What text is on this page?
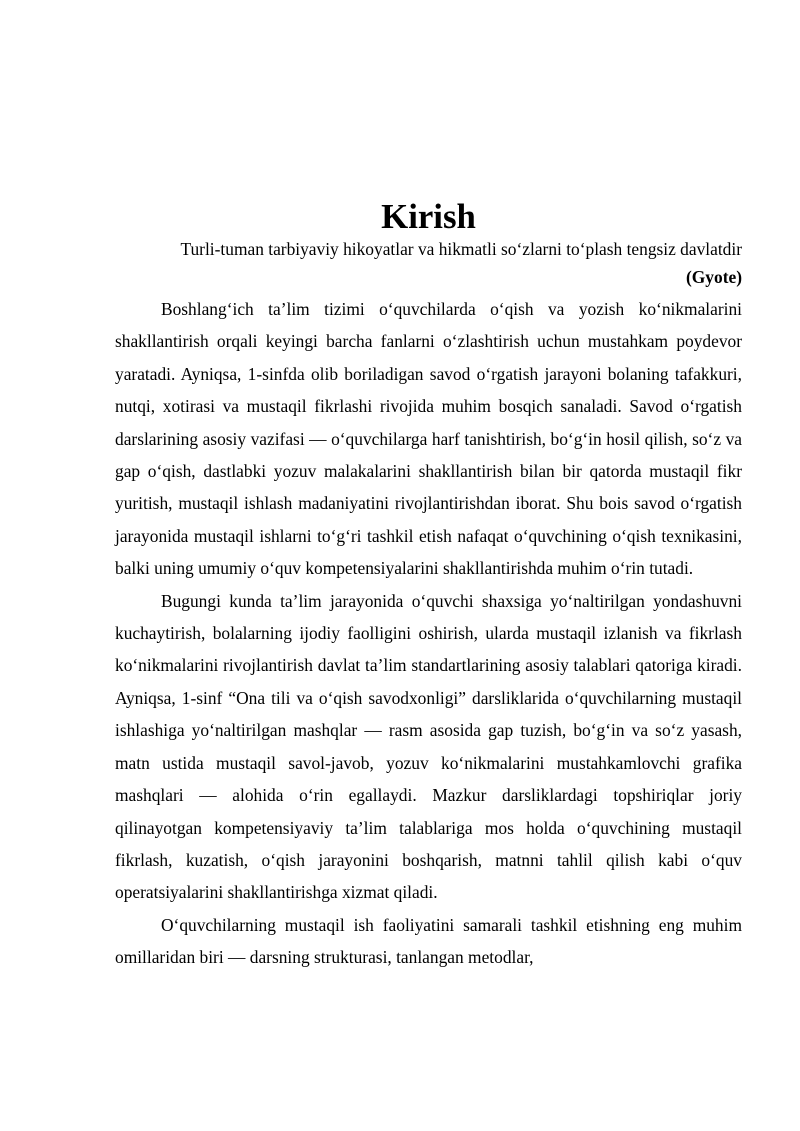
Kirish

Turli-tuman tarbiyaviy hikoyatlar va hikmatli so‘zlarni to‘plash tengsiz davlatdir

(Gyote)

Boshlang‘ich ta’lim tizimi o‘quvchilarda o‘qish va yozish ko‘nikmalarini shakllantirish orqali keyingi barcha fanlarni o‘zlashtirish uchun mustahkam poydevor yaratadi. Ayniqsa, 1-sinfda olib boriladigan savod o‘rgatish jarayoni bolaning tafakkuri, nutqi, xotirasi va mustaqil fikrlashi rivojida muhim bosqich sanaladi. Savod o‘rgatish darslarining asosiy vazifasi — o‘quvchilarga harf tanishtirish, bo‘g‘in hosil qilish, so‘z va gap o‘qish, dastlabki yozuv malakalarini shakllantirish bilan bir qatorda mustaqil fikr yuritish, mustaqil ishlash madaniyatini rivojlantirishdan iborat. Shu bois savod o‘rgatish jarayonida mustaqil ishlarni to‘g‘ri tashkil etish nafaqat o‘quvchining o‘qish texnikasini, balki uning umumiy o‘quv kompetensiyalarini shakllantirishda muhim o‘rin tutadi.

Bugungi kunda ta’lim jarayonida o‘quvchi shaxsiga yo‘naltirilgan yondashuvni kuchaytirish, bolalarning ijodiy faolligini oshirish, ularda mustaqil izlanish va fikrlash ko‘nikmalarini rivojlantirish davlat ta’lim standartlarining asosiy talablari qatoriga kiradi. Ayniqsa, 1-sinf “Ona tili va o‘qish savodxonligi” darsliklarida o‘quvchilarning mustaqil ishlashiga yo‘naltirilgan mashqlar — rasm asosida gap tuzish, bo‘g‘in va so‘z yasash, matn ustida mustaqil savol-javob, yozuv ko‘nikmalarini mustahkamlovchi grafika mashqlari — alohida o‘rin egallaydi. Mazkur darsliklardagi topshiriqlar joriy qilinayotgan kompetensiyaviy ta’lim talablariga mos holda o‘quvchining mustaqil fikrlash, kuzatish, o‘qish jarayonini boshqarish, matnni tahlil qilish kabi o‘quv operatsiyalarini shakllantirishga xizmat qiladi.

O‘quvchilarning mustaqil ish faoliyatini samarali tashkil etishning eng muhim omillaridan biri — darsning strukturasi, tanlangan metodlar,
